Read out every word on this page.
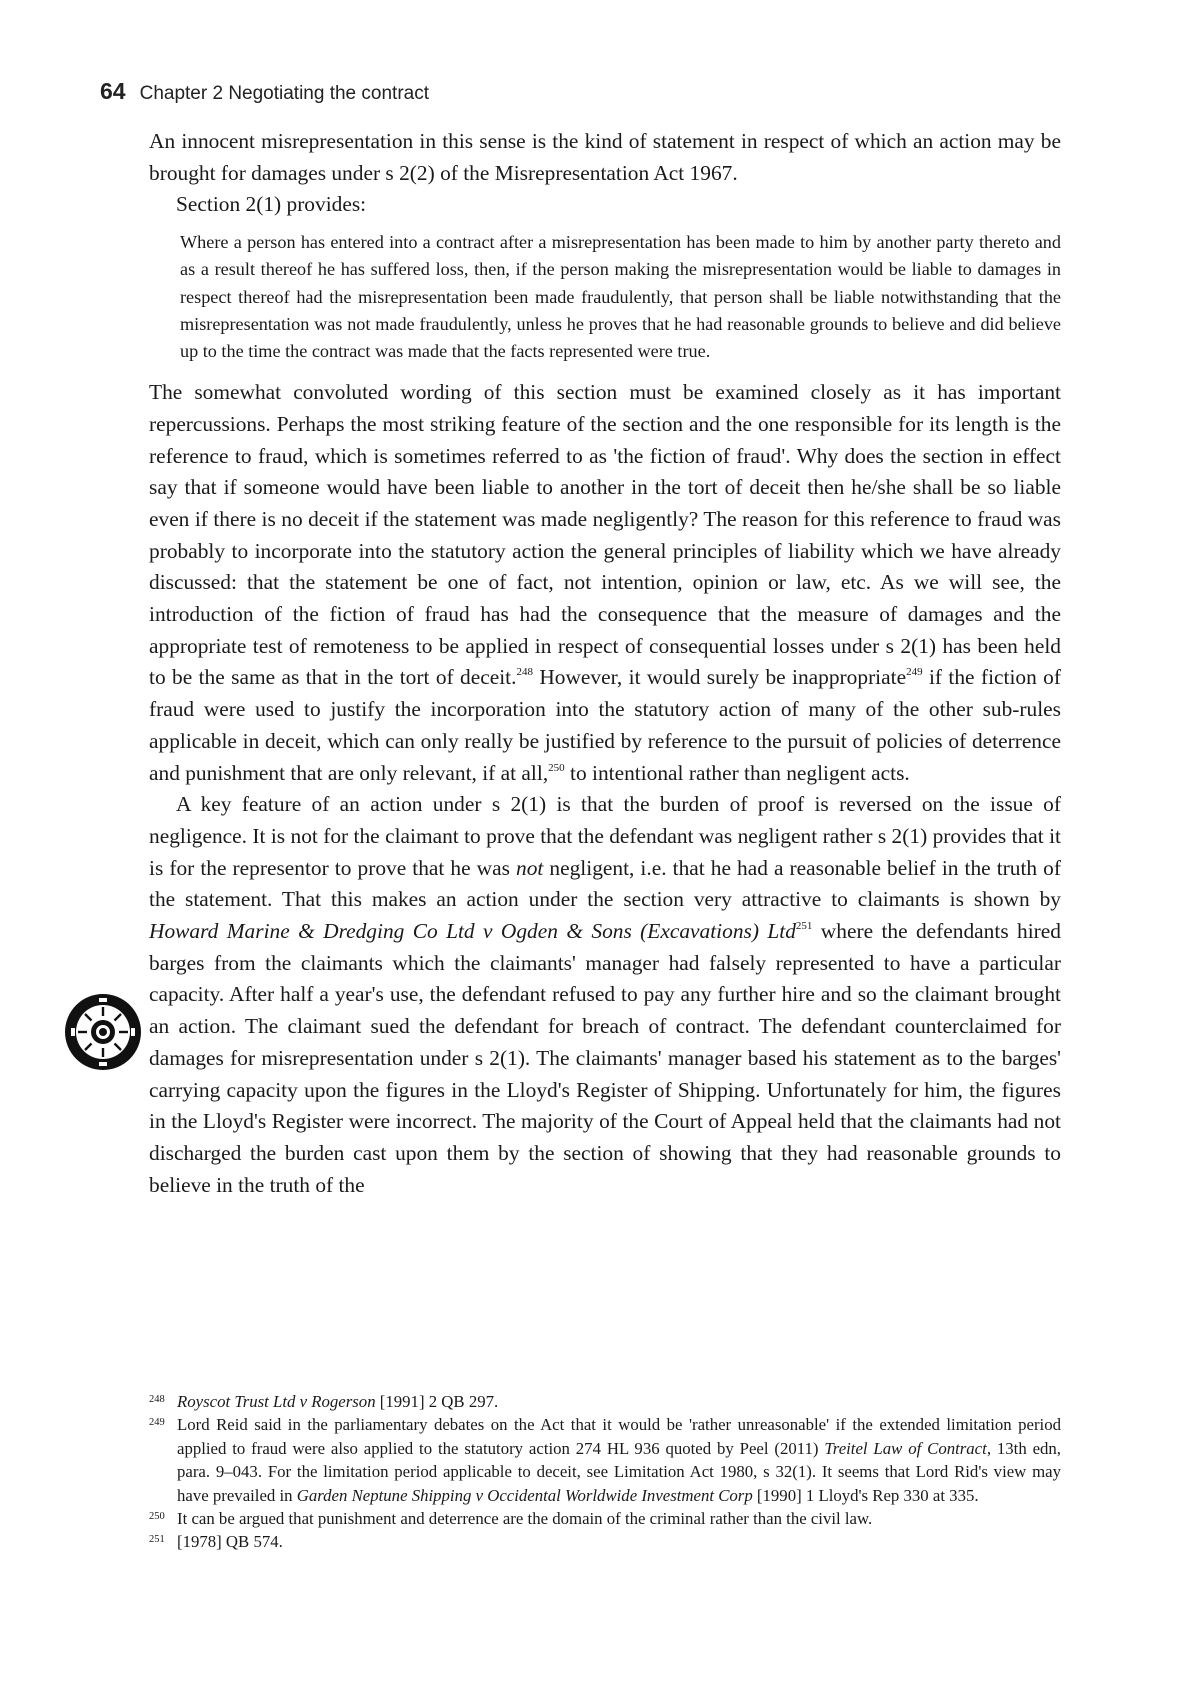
64 Chapter 2 Negotiating the contract

An innocent misrepresentation in this sense is the kind of statement in respect of which an action may be brought for damages under s 2(2) of the Misrepresentation Act 1967.

Section 2(1) provides:

Where a person has entered into a contract after a misrepresentation has been made to him by another party thereto and as a result thereof he has suffered loss, then, if the person making the misrepresentation would be liable to damages in respect thereof had the misrepresentation been made fraudulently, that person shall be liable notwithstanding that the misrepresentation was not made fraudulently, unless he proves that he had reasonable grounds to believe and did believe up to the time the contract was made that the facts represented were true.

The somewhat convoluted wording of this section must be examined closely as it has important repercussions. Perhaps the most striking feature of the section and the one responsible for its length is the reference to fraud, which is sometimes referred to as 'the fiction of fraud'. Why does the section in effect say that if someone would have been liable to another in the tort of deceit then he/she shall be so liable even if there is no deceit if the statement was made negligently? The reason for this reference to fraud was probably to incorporate into the statutory action the general principles of liability which we have already discussed: that the statement be one of fact, not intention, opinion or law, etc. As we will see, the introduction of the fiction of fraud has had the consequence that the measure of damages and the appropriate test of remoteness to be applied in respect of consequential losses under s 2(1) has been held to be the same as that in the tort of deceit.$^{248}$ However, it would surely be inappropriate$^{249}$ if the fiction of fraud were used to justify the incorporation into the statutory action of many of the other sub-rules applicable in deceit, which can only really be justified by reference to the pursuit of policies of deterrence and punishment that are only relevant, if at all,$^{250}$ to intentional rather than negligent acts.

A key feature of an action under s 2(1) is that the burden of proof is reversed on the issue of negligence. It is not for the claimant to prove that the defendant was negligent rather s 2(1) provides that it is for the representor to prove that he was not negligent, i.e. that he had a reasonable belief in the truth of the statement. That this makes an action under the section very attractive to claimants is shown by Howard Marine & Dredging Co Ltd v Ogden & Sons (Excavations) Ltd$^{251}$ where the defendants hired barges from the claimants which the claimants' manager had falsely represented to have a particular capacity. After half a year's use, the defendant refused to pay any further hire and so the claimant brought an action. The claimant sued the defendant for breach of contract. The defendant counterclaimed for damages for misrepresentation under s 2(1). The claimants' manager based his statement as to the barges' carrying capacity upon the figures in the Lloyd's Register of Shipping. Unfortunately for him, the figures in the Lloyd's Register were incorrect. The majority of the Court of Appeal held that the claimants had not discharged the burden cast upon them by the section of showing that they had reasonable grounds to believe in the truth of the

248 Royscot Trust Ltd v Rogerson [1991] 2 QB 297.
249 Lord Reid said in the parliamentary debates on the Act that it would be 'rather unreasonable' if the extended limitation period applied to fraud were also applied to the statutory action 274 HL 936 quoted by Peel (2011) Treitel Law of Contract, 13th edn, para. 9–043. For the limitation period applicable to deceit, see Limitation Act 1980, s 32(1). It seems that Lord Rid's view may have prevailed in Garden Neptune Shipping v Occidental Worldwide Investment Corp [1990] 1 Lloyd's Rep 330 at 335.
250 It can be argued that punishment and deterrence are the domain of the criminal rather than the civil law.
251 [1978] QB 574.
